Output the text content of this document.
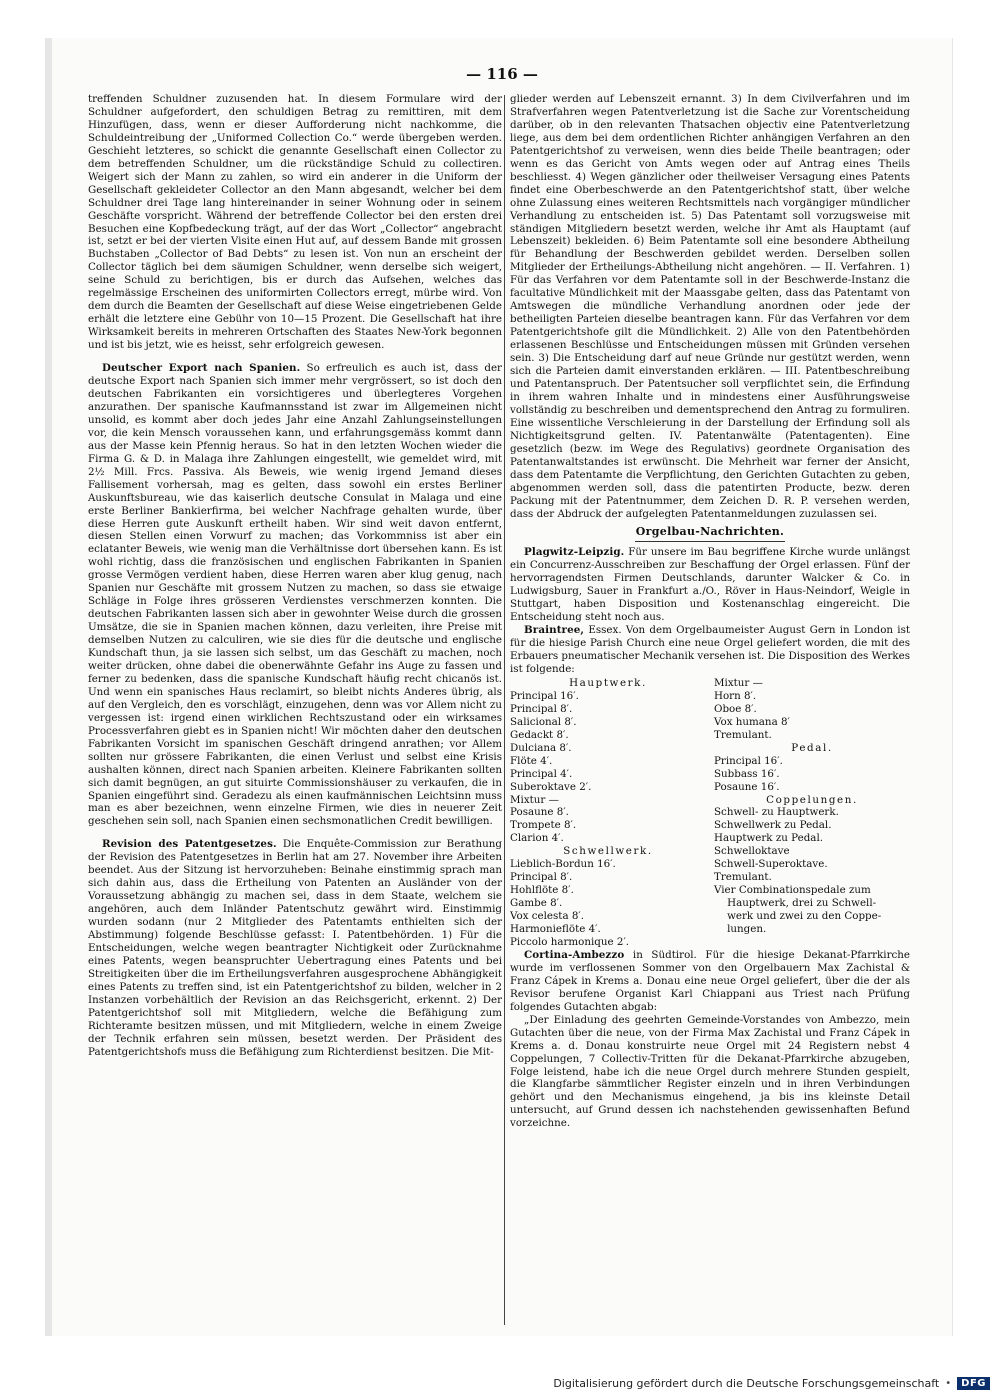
— 116 —

treffenden Schuldner zuzusenden hat. In diesem Formulare wird der Schuldner aufgefordert, den schuldigen Betrag zu remittiren, mit dem Hinzufügen, dass, wenn er dieser Aufforderung nicht nachkomme, die Schuldeintreibung der „Uniformed Collection Co.“ werde übergeben werden. Geschieht letzteres, so schickt die genannte Gesellschaft einen Collector zu dem betreffenden Schuldner, um die rückständige Schuld zu collectiren. Weigert sich der Mann zu zahlen, so wird ein anderer in die Uniform der Gesellschaft gekleideter Collector an den Mann abgesandt, welcher bei dem Schuldner drei Tage lang hintereinander in seiner Wohnung oder in seinem Geschäfte vorspricht. Während der betreffende Collector bei den ersten drei Besuchen eine Kopfbedeckung trägt, auf der das Wort „Collector“ angebracht ist, setzt er bei der vierten Visite einen Hut auf, auf dessem Bande mit grossen Buchstaben „Collector of Bad Debts“ zu lesen ist. Von nun an erscheint der Collector täglich bei dem säumigen Schuldner, wenn derselbe sich weigert, seine Schuld zu berichtigen, bis er durch das Aufsehen, welches das regelmässige Erscheinen des uniformirten Collectors erregt, mürbe wird. Von dem durch die Beamten der Gesellschaft auf diese Weise eingetriebenen Gelde erhält die letztere eine Gebühr von 10—15 Prozent. Die Gesellschaft hat ihre Wirksamkeit bereits in mehreren Ortschaften des Staates New-York begonnen und ist bis jetzt, wie es heisst, sehr erfolgreich gewesen.

Deutscher Export nach Spanien. So erfreulich es auch ist, dass der deutsche Export nach Spanien sich immer mehr vergrössert, so ist doch den deutschen Fabrikanten ein vorsichtigeres und überlegteres Vorgehen anzurathen. Der spanische Kaufmannsstand ist zwar im Allgemeinen nicht unsolid, es kommt aber doch jedes Jahr eine Anzahl Zahlungseinstellungen vor, die kein Mensch voraussehen kann, und erfahrungsgemäss kommt dann aus der Masse kein Pfennig heraus. So hat in den letzten Wochen wieder die Firma G. & D. in Malaga ihre Zahlungen eingestellt, wie gemeldet wird, mit 2½ Mill. Frcs. Passiva. Als Beweis, wie wenig irgend Jemand dieses Fallisement vorhersah, mag es gelten, dass sowohl ein erstes Berliner Auskunftsbureau, wie das kaiserlich deutsche Consulat in Malaga und eine erste Berliner Bankierfirma, bei welcher Nachfrage gehalten wurde, über diese Herren gute Auskunft ertheilt haben. Wir sind weit davon entfernt, diesen Stellen einen Vorwurf zu machen; das Vorkommniss ist aber ein eclatanter Beweis, wie wenig man die Verhältnisse dort übersehen kann. Es ist wohl richtig, dass die französischen und englischen Fabrikanten in Spanien grosse Vermögen verdient haben, diese Herren waren aber klug genug, nach Spanien nur Geschäfte mit grossem Nutzen zu machen, so dass sie etwaige Schläge in Folge ihres grösseren Verdienstes verschmerzen konnten. Die deutschen Fabrikanten lassen sich aber in gewohnter Weise durch die grossen Umsätze, die sie in Spanien machen können, dazu verleiten, ihre Preise mit demselben Nutzen zu calculiren, wie sie dies für die deutsche und englische Kundschaft thun, ja sie lassen sich selbst, um das Geschäft zu machen, noch weiter drücken, ohne dabei die obenerwähnte Gefahr ins Auge zu fassen und ferner zu bedenken, dass die spanische Kundschaft häufig recht chicanös ist. Und wenn ein spanisches Haus reclamirt, so bleibt nichts Anderes übrig, als auf den Vergleich, den es vorschlägt, einzugehen, denn was vor Allem nicht zu vergessen ist: irgend einen wirklichen Rechtszustand oder ein wirksames Processverfahren giebt es in Spanien nicht! Wir möchten daher den deutschen Fabrikanten Vorsicht im spanischen Geschäft dringend anrathen; vor Allem sollten nur grössere Fabrikanten, die einen Verlust und selbst eine Krisis aushalten können, direct nach Spanien arbeiten. Kleinere Fabrikanten sollten sich damit begnügen, an gut situirte Commissionshäuser zu verkaufen, die in Spanien eingeführt sind. Geradezu als einen kaufmännischen Leichtsinn muss man es aber bezeichnen, wenn einzelne Firmen, wie dies in neuerer Zeit geschehen sein soll, nach Spanien einen sechsmonatlichen Credit bewilligen.

Revision des Patentgesetzes. Die Enquête-Commission zur Berathung der Revision des Patentgesetzes in Berlin hat am 27. November ihre Arbeiten beendet. Aus der Sitzung ist hervorzuheben: Beinahe einstimmig sprach man sich dahin aus, dass die Ertheilung von Patenten an Ausländer von der Voraussetzung abhängig zu machen sei, dass in dem Staate, welchem sie angehören, auch dem Inländer Patentschutz gewährt wird. Einstimmig wurden sodann (nur 2 Mitglieder des Patentamts enthielten sich der Abstimmung) folgende Beschlüsse gefasst: I. Patentbehörden. 1) Für die Entscheidungen, welche wegen beantragter Nichtigkeit oder Zurücknahme eines Patents, wegen beanspruchter Uebertragung eines Patents und bei Streitigkeiten über die im Ertheilungsverfahren ausgesprochene Abhängigkeit eines Patents zu treffen sind, ist ein Patentgerichtshof zu bilden, welcher in 2 Instanzen vorbehältlich der Revision an das Reichsgericht, erkennt. 2) Der Patentgerichtshof soll mit Mitgliedern, welche die Befähigung zum Richteramte besitzen müssen, und mit Mitgliedern, welche in einem Zweige der Technik erfahren sein müssen, besetzt werden. Der Präsident des Patentgerichtshofs muss die Befähigung zum Richterdienst besitzen. Die Mit-

glieder werden auf Lebenszeit ernannt. 3) In dem Civilverfahren und im Strafverfahren wegen Patentverletzung ist die Sache zur Vorentscheidung darüber, ob in den relevanten Thatsachen objectiv eine Patentverletzung liege, aus dem bei dem ordentlichen Richter anhängigen Verfahren an den Patentgerichtshof zu verweisen, wenn dies beide Theile beantragen; oder wenn es das Gericht von Amts wegen oder auf Antrag eines Theils beschliesst. 4) Wegen gänzlicher oder theilweiser Versagung eines Patents findet eine Oberbeschwerde an den Patentgerichtshof statt, über welche ohne Zulassung eines weiteren Rechtsmittels nach vorgängiger mündlicher Verhandlung zu entscheiden ist. 5) Das Patentamt soll vorzugsweise mit ständigen Mitgliedern besetzt werden, welche ihr Amt als Hauptamt (auf Lebenszeit) bekleiden. 6) Beim Patentamte soll eine besondere Abtheilung für Behandlung der Beschwerden gebildet werden. Derselben sollen Mitglieder der Ertheilungs-Abtheilung nicht angehören. — II. Verfahren. 1) Für das Verfahren vor dem Patentamte soll in der Beschwerde-Instanz die facultative Mündlichkeit mit der Maassgabe gelten, dass das Patentamt von Amtswegen die mündliche Verhandlung anordnen oder jede der betheiligten Parteien dieselbe beantragen kann. Für das Verfahren vor dem Patentgerichtshofe gilt die Mündlichkeit. 2) Alle von den Patentbehörden erlassenen Beschlüsse und Entscheidungen müssen mit Gründen versehen sein. 3) Die Entscheidung darf auf neue Gründe nur gestützt werden, wenn sich die Parteien damit einverstanden erklären. — III. Patentbeschreibung und Patentanspruch. Der Patentsucher soll verpflichtet sein, die Erfindung in ihrem wahren Inhalte und in mindestens einer Ausführungsweise vollständig zu beschreiben und dementsprechend den Antrag zu formuliren. Eine wissentliche Verschleierung in der Darstellung der Erfindung soll als Nichtigkeitsgrund gelten. IV. Patentanwälte (Patentagenten). Eine gesetzlich (bezw. im Wege des Regulativs) geordnete Organisation des Patentanwaltstandes ist erwünscht. Die Mehrheit war ferner der Ansicht, dass dem Patentamte die Verpflichtung, den Gerichten Gutachten zu geben, abgenommen werden soll, dass die patentirten Producte, bezw. deren Packung mit der Patentnummer, dem Zeichen D. R. P. versehen werden, dass der Abdruck der aufgelegten Patentanmeldungen zuzulassen sei.

Orgelbau-Nachrichten.

Plagwitz-Leipzig. Für unsere im Bau begriffene Kirche wurde unlängst ein Concurrenz-Ausschreiben zur Beschaffung der Orgel erlassen. Fünf der hervorragendsten Firmen Deutschlands, darunter Walcker & Co. in Ludwigsburg, Sauer in Frankfurt a./O., Röver in Haus-Neindorf, Weigle in Stuttgart, haben Disposition und Kostenanschlag eingereicht. Die Entscheidung steht noch aus.

Braintree, Essex. Von dem Orgelbaumeister August Gern in London ist für die hiesige Parish Church eine neue Orgel geliefert worden, die mit des Erbauers pneumatischer Mechanik versehen ist. Die Disposition des Werkes ist folgende:

Hauptwerk.
Principal 16′.
Principal 8′.
Salicional 8′.
Gedackt 8′.
Dulciana 8′.
Flöte 4′.
Principal 4′.
Suberoktave 2′.
Mixtur —
Posaune 8′.
Trompete 8′.
Clarion 4′.
Schwellwerk.
Lieblich-Bordun 16′.
Principal 8′.
Hohlflöte 8′.
Gambe 8′.
Vox celesta 8′.
Harmonieflöte 4′.
Piccolo harmonique 2′.
Mixtur —
Horn 8′.
Oboe 8′.
Vox humana 8′
Tremulant.
Pedal.
Principal 16′.
Subbass 16′.
Posaune 16′.
Coppelungen.
Schwell- zu Hauptwerk.
Schwellwerk zu Pedal.
Hauptwerk zu Pedal.
Schwelloktave
Schwell-Superoktave.
Tremulant.
Vier Combinationspedale zum
Hauptwerk, drei zu Schwell-
werk und zwei zu den Coppe-
lungen.

Cortina-Ambezzo in Südtirol. Für die hiesige Dekanat-Pfarrkirche wurde im verflossenen Sommer von den Orgelbauern Max Zachistal & Franz Cápek in Krems a. Donau eine neue Orgel geliefert, über die der als Revisor berufene Organist Karl Chiappani aus Triest nach Prüfung folgendes Gutachten abgab:

„Der Einladung des geehrten Gemeinde-Vorstandes von Ambezzo, mein Gutachten über die neue, von der Firma Max Zachistal und Franz Cápek in Krems a. d. Donau konstruirte neue Orgel mit 24 Registern nebst 4 Coppelungen, 7 Collectiv-Tritten für die Dekanat-Pfarrkirche abzugeben, Folge leistend, habe ich die neue Orgel durch mehrere Stunden gespielt, die Klangfarbe sämmtlicher Register einzeln und in ihren Verbindungen gehört und den Mechanismus eingehend, ja bis ins kleinste Detail untersucht, auf Grund dessen ich nachstehenden gewissenhaften Befund vorzeichne.

Digitalisierung gefördert durch die Deutsche Forschungsgemeinschaft •	DFG
